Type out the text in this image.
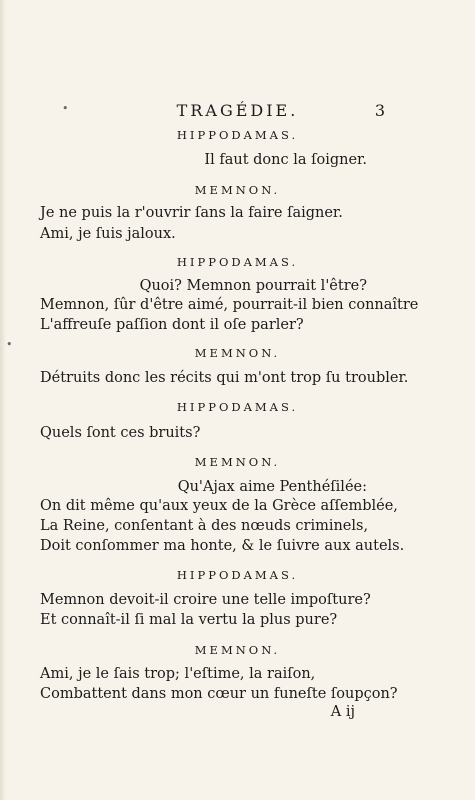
TRAGÉDIE.	3
•
•
HIPPODAMAS.
Il faut donc la ſoigner.
MEMNON.
Je ne puis la r'ouvrir ſans la faire ſaigner.
Ami, je ſuis jaloux.
HIPPODAMAS.
Quoi? Memnon pourrait l'être?
Memnon, ſûr d'être aimé, pourrait-il bien connaître
L'affreuſe paſſion dont il oſe parler?
MEMNON.
Détruits donc les récits qui m'ont trop ſu troubler.
HIPPODAMAS.
Quels ſont ces bruits?
MEMNON.
Qu'Ajax aime Penthéſilée:
On dit même qu'aux yeux de la Grèce aſſemblée,
La Reine, conſentant à des nœuds criminels,
Doit conſommer ma honte, & le ſuivre aux autels.
HIPPODAMAS.
Memnon devoit-il croire une telle impoſture?
Et connaît-il ſi mal la vertu la plus pure?
MEMNON.
Ami, je le ſais trop; l'eſtime, la raiſon,
Combattent dans mon cœur un funeſte ſoupçon?
A ij
